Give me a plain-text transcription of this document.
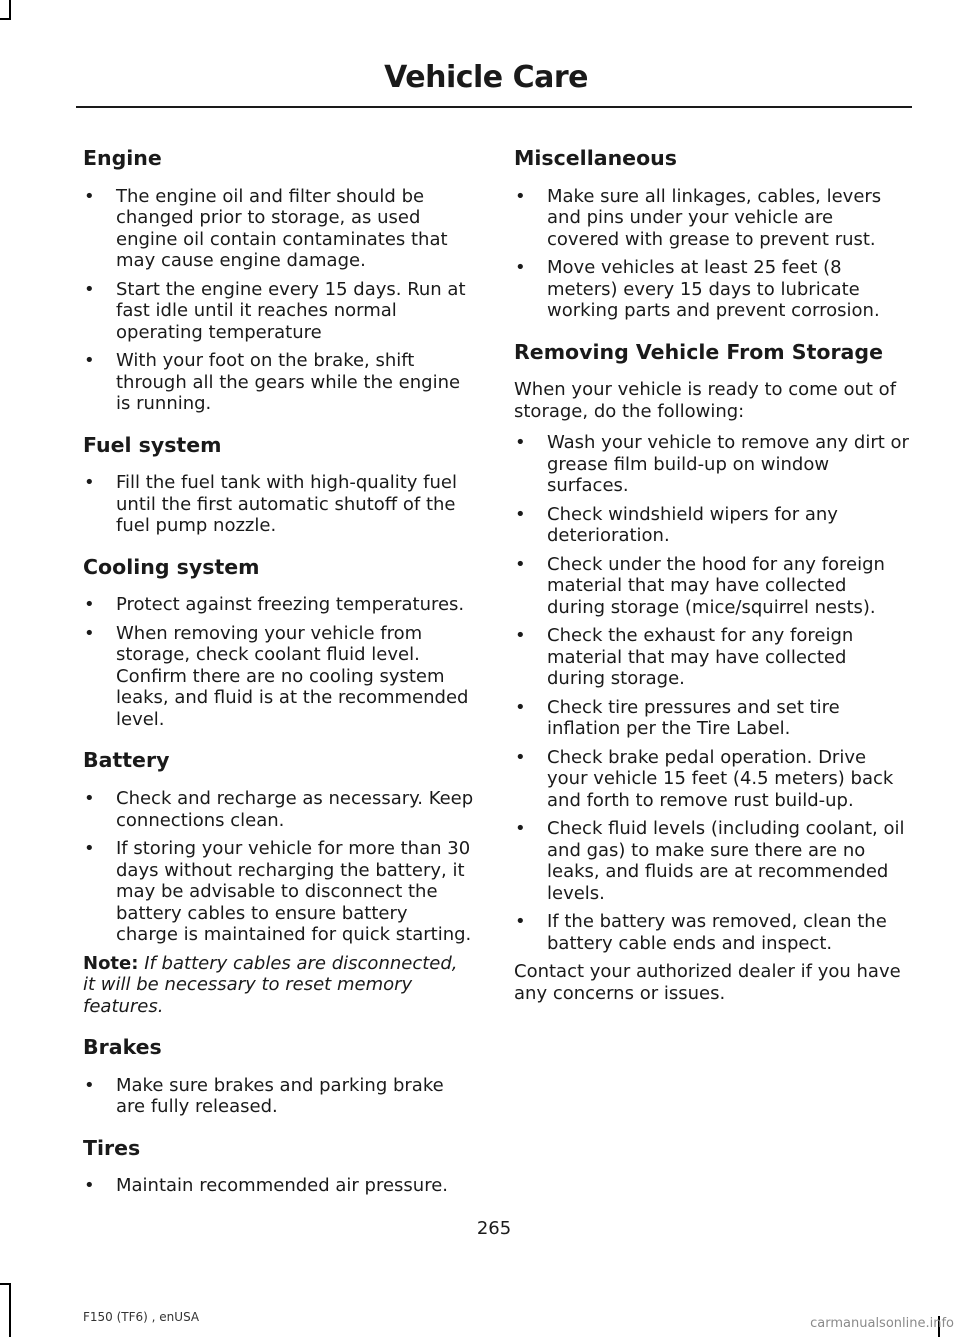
Vehicle Care
Engine
• The engine oil and filter should be changed prior to storage, as used engine oil contain contaminates that may cause engine damage.
• Start the engine every 15 days. Run at fast idle until it reaches normal operating temperature
• With your foot on the brake, shift through all the gears while the engine is running.
Fuel system
• Fill the fuel tank with high-quality fuel until the first automatic shutoff of the fuel pump nozzle.
Cooling system
• Protect against freezing temperatures.
• When removing your vehicle from storage, check coolant fluid level. Confirm there are no cooling system leaks, and fluid is at the recommended level.
Battery
• Check and recharge as necessary. Keep connections clean.
• If storing your vehicle for more than 30 days without recharging the battery, it may be advisable to disconnect the battery cables to ensure battery charge is maintained for quick starting.

Note: If battery cables are disconnected, it will be necessary to reset memory features.

Brakes
• Make sure brakes and parking brake are fully released.
Tires
• Maintain recommended air pressure.
Miscellaneous
• Make sure all linkages, cables, levers and pins under your vehicle are covered with grease to prevent rust.
• Move vehicles at least 25 feet (8 meters) every 15 days to lubricate working parts and prevent corrosion.
Removing Vehicle From Storage

When your vehicle is ready to come out of storage, do the following:

• Wash your vehicle to remove any dirt or grease film build-up on window surfaces.
• Check windshield wipers for any deterioration.
• Check under the hood for any foreign material that may have collected during storage (mice/squirrel nests).
• Check the exhaust for any foreign material that may have collected during storage.
• Check tire pressures and set tire inflation per the Tire Label.
• Check brake pedal operation. Drive your vehicle 15 feet (4.5 meters) back and forth to remove rust build-up.
• Check fluid levels (including coolant, oil and gas) to make sure there are no leaks, and fluids are at recommended levels.
• If the battery was removed, clean the battery cable ends and inspect.

Contact your authorized dealer if you have any concerns or issues.

265
F150 (TF6) , enUSA	carmanualsonline.info
